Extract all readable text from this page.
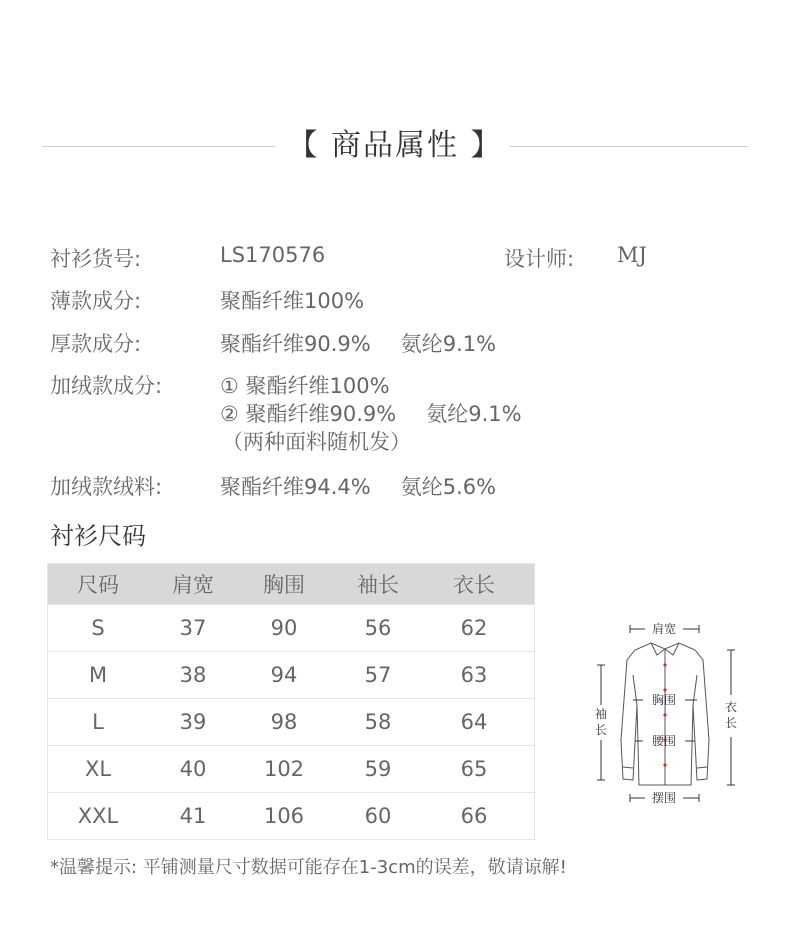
【 商品属性 】
衬衫货号:	LS170576	设计师: MJ
薄款成分:	聚酯纤维100%
厚款成分:	聚酯纤维90.9% 氨纶9.1%
加绒款成分:	① 聚酯纤维100%
② 聚酯纤维90.9% 氨纶9.1%
（两种面料随机发）
加绒款绒料:	聚酯纤维94.4% 氨纶5.6%
衬衫尺码
尺码	肩宽	胸围	袖长	衣长
S	37	90	56	62
M	38	94	57	63
L	39	98	58	64
XL	40	102	59	65
XXL	41	106	60	66
肩宽
胸围
腰围
摆围
袖
长
衣
长
*温馨提示: 平铺测量尺寸数据可能存在1-3cm的误差，敬请谅解!
